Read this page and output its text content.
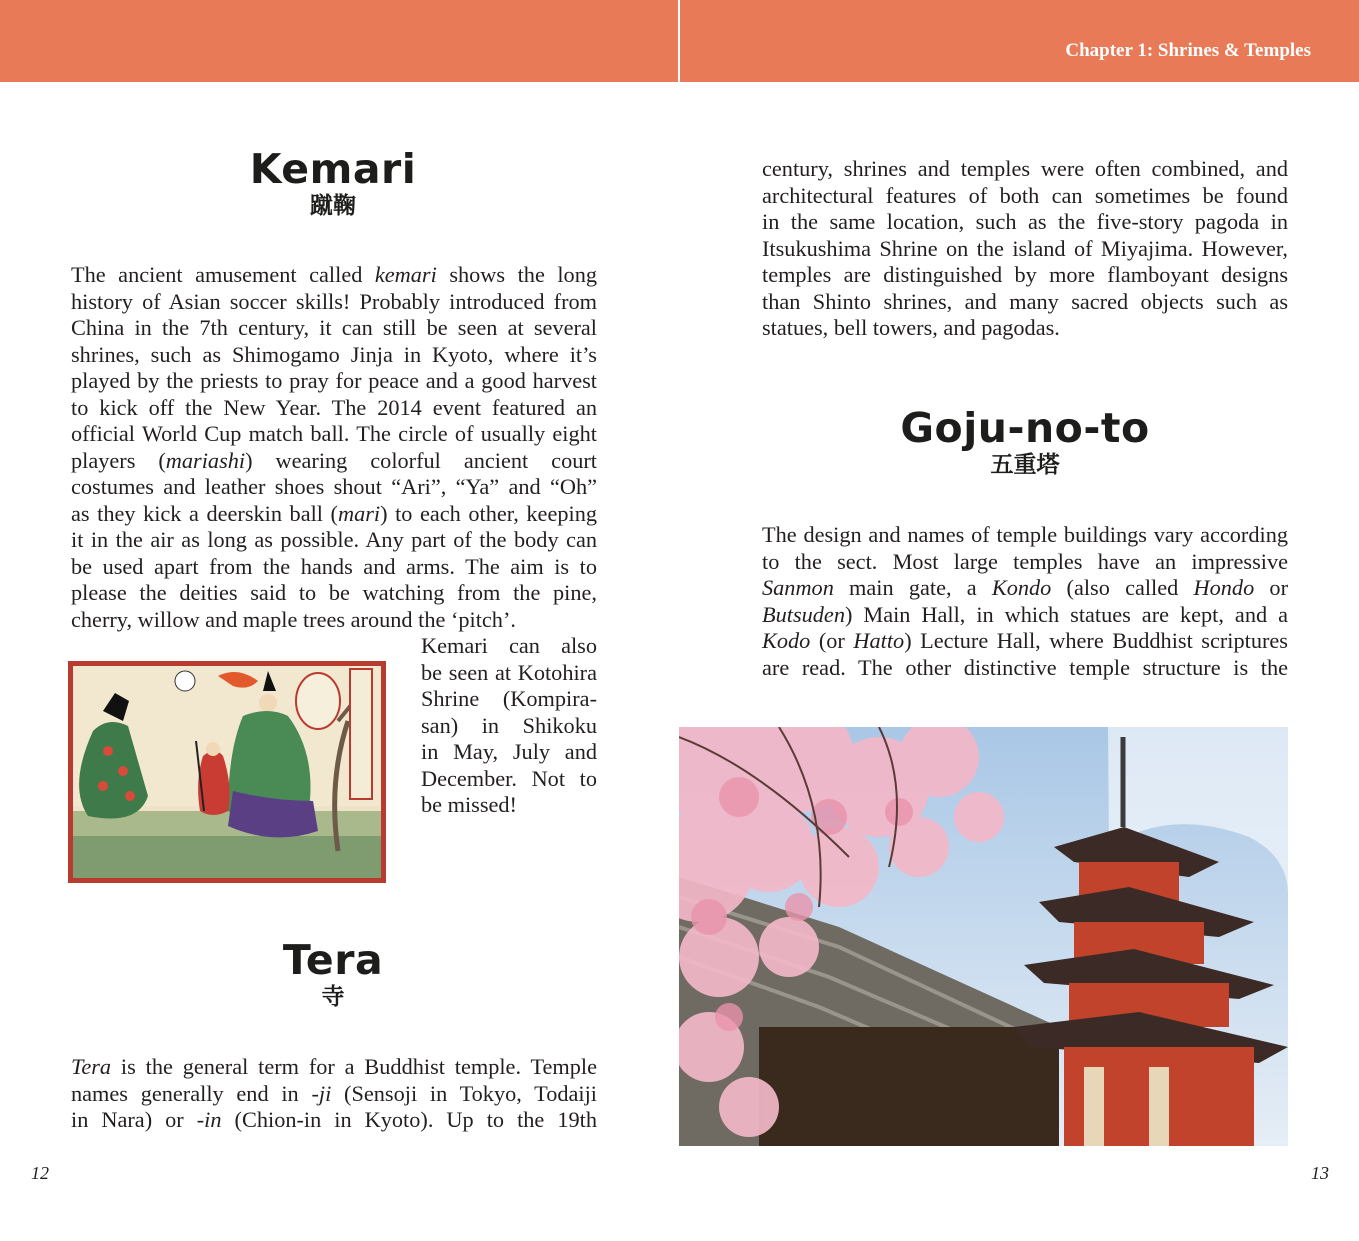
Chapter 1: Shrines & Temples
Kemari
蹴鞠
The ancient amusement called kemari shows the long
history of Asian soccer skills! Probably introduced from
China in the 7th century, it can still be seen at several
shrines, such as Shimogamo Jinja in Kyoto, where it’s
played by the priests to pray for peace and a good harvest
to kick off the New Year. The 2014 event featured an
official World Cup match ball. The circle of usually eight
players (mariashi) wearing colorful ancient court
costumes and leather shoes shout “Ari”, “Ya” and “Oh”
as they kick a deerskin ball (mari) to each other, keeping
it in the air as long as possible. Any part of the body can
be used apart from the hands and arms. The aim is to
please the deities said to be watching from the pine,
cherry, willow and maple trees around the ‘pitch’.
Kemari can also
be seen at Kotohira
Shrine (Kompira-
san) in Shikoku
in May, July and
December. Not to
be missed!
Tera
寺
Tera is the general term for a Buddhist temple. Temple
names generally end in -ji (Sensoji in Tokyo, Todaiji
in Nara) or -in (Chion-in in Kyoto). Up to the 19th
century, shrines and temples were often combined, and
architectural features of both can sometimes be found
in the same location, such as the five-story pagoda in
Itsukushima Shrine on the island of Miyajima. However,
temples are distinguished by more flamboyant designs
than Shinto shrines, and many sacred objects such as
statues, bell towers, and pagodas.
Goju-no-to
五重塔
The design and names of temple buildings vary according
to the sect. Most large temples have an impressive
Sanmon main gate, a Kondo (also called Hondo or
Butsuden) Main Hall, in which statues are kept, and a
Kodo (or Hatto) Lecture Hall, where Buddhist scriptures
are read. The other distinctive temple structure is the
12	13
